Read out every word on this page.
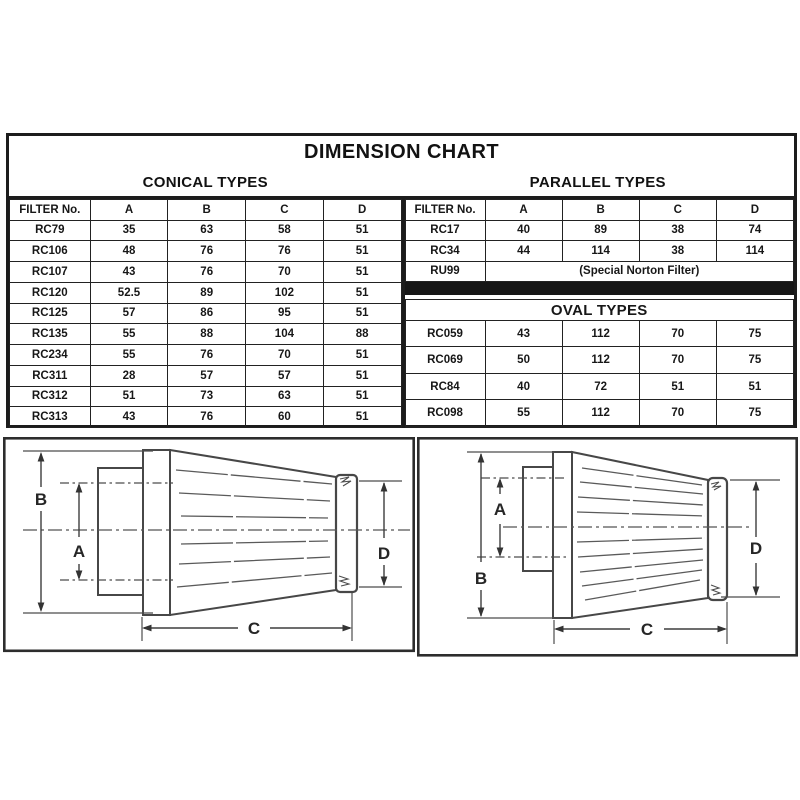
DIMENSION CHART
CONICAL TYPES	PARALLEL TYPES
FILTER No.	A	B	C	D
RC79	35	63	58	51
RC106	48	76	76	51
RC107	43	76	70	51
RC120	52.5	89	102	51
RC125	57	86	95	51
RC135	55	88	104	88
RC234	55	76	70	51
RC311	28	57	57	51
RC312	51	73	63	51
RC313	43	76	60	51
FILTER No.	A	B	C	D
RC17	40	89	38	74
RC34	44	114	38	114
RU99	(Special Norton Filter)			
OVAL TYPES				
RC059	43	112	70	75
RC069	50	112	70	75
RC84	40	72	51	51
RC098	55	112	70	75

B
A
C
D
A
B
C
D
